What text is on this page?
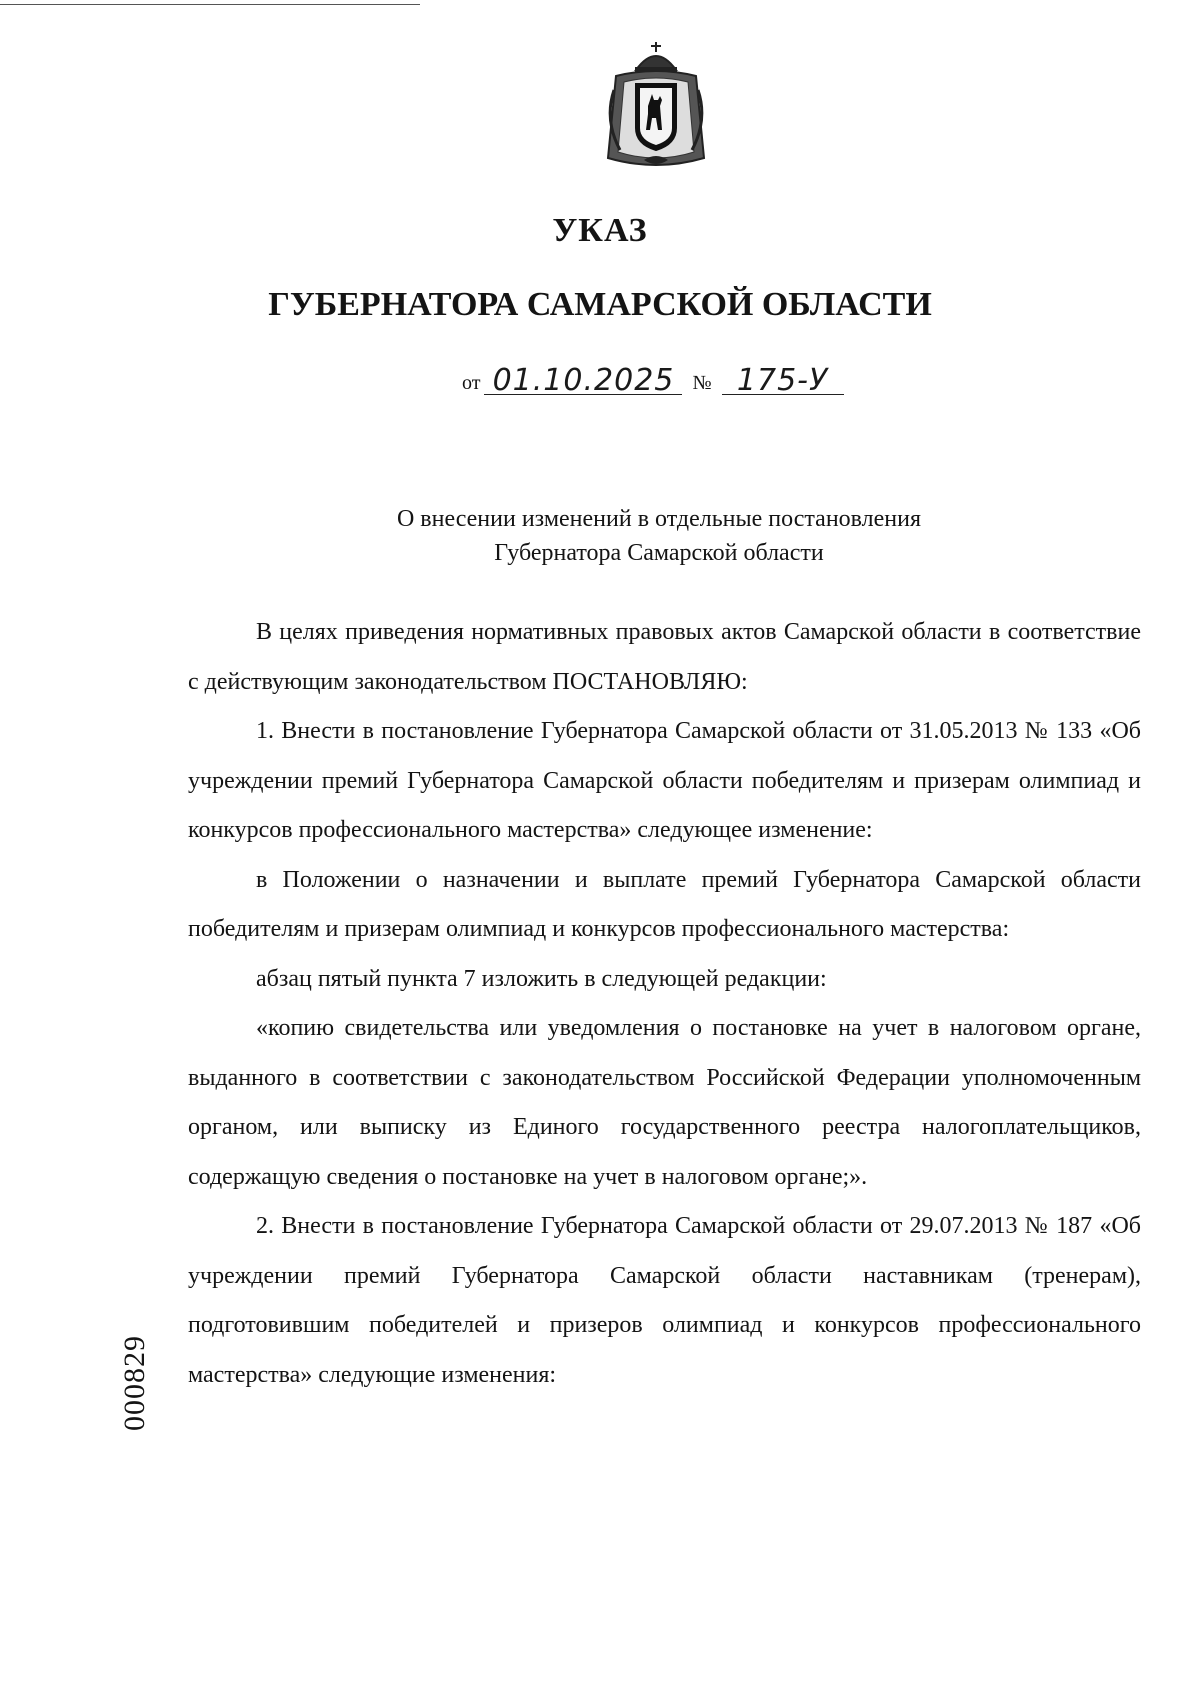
УКАЗ
ГУБЕРНАТОРА САМАРСКОЙ ОБЛАСТИ
от 01.10.2025 № 175-У
О внесении изменений в отдельные постановления
Губернатора Самарской области

В целях приведения нормативных правовых актов Самарской области в соответствие с действующим законодательством ПОСТАНОВЛЯЮ:

1. Внести в постановление Губернатора Самарской области от 31.05.2013 № 133 «Об учреждении премий Губернатора Самарской области победителям и призерам олимпиад и конкурсов профессионального мастерства» следующее изменение:

в Положении о назначении и выплате премий Губернатора Самарской области победителям и призерам олимпиад и конкурсов профессионального мастерства:

абзац пятый пункта 7 изложить в следующей редакции:

«копию свидетельства или уведомления о постановке на учет в налоговом органе, выданного в соответствии с законодательством Российской Федерации уполномоченным органом, или выписку из Единого государственного реестра налогоплательщиков, содержащую сведения о постановке на учет в налоговом органе;».

2. Внести в постановление Губернатора Самарской области от 29.07.2013 № 187 «Об учреждении премий Губернатора Самарской области наставникам (тренерам), подготовившим победителей и призеров олимпиад и конкурсов профессионального мастерства» следующие изменения:

000829
